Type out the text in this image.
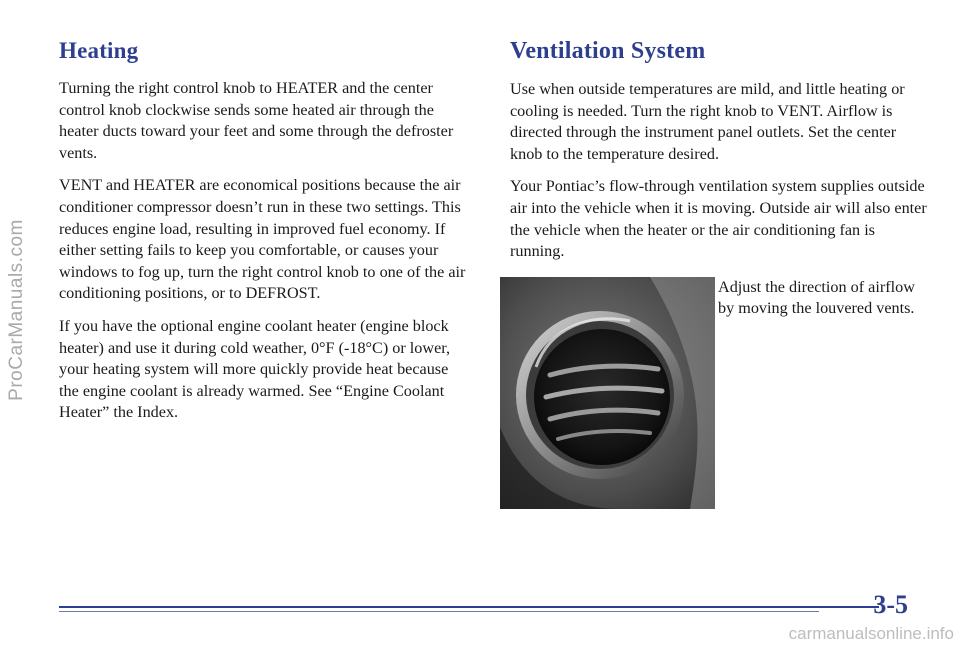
ProCarManuals.com
Heating

Turning the right control knob to HEATER and the center control knob clockwise sends some heated air through the heater ducts toward your feet and some through the defroster vents.

VENT and HEATER are economical positions because the air conditioner compressor doesn’t run in these two settings. This reduces engine load, resulting in improved fuel economy. If either setting fails to keep you comfortable, or causes your windows to fog up, turn the right control knob to one of the air conditioning positions, or to DEFROST.

If you have the optional engine coolant heater (engine block heater) and use it during cold weather, 0°F (-18°C) or lower, your heating system will more quickly provide heat because the engine coolant is already warmed. See “Engine Coolant Heater” the Index.

Ventilation System

Use when outside temperatures are mild, and little heating or cooling is needed. Turn the right knob to VENT. Airflow is directed through the instrument panel outlets. Set the center knob to the temperature desired.

Your Pontiac’s flow-through ventilation system supplies outside air into the vehicle when it is moving. Outside air will also enter the vehicle when the heater or the air conditioning fan is running.

Adjust the direction of airflow by moving the louvered vents.

3-5
carmanualsonline.info
